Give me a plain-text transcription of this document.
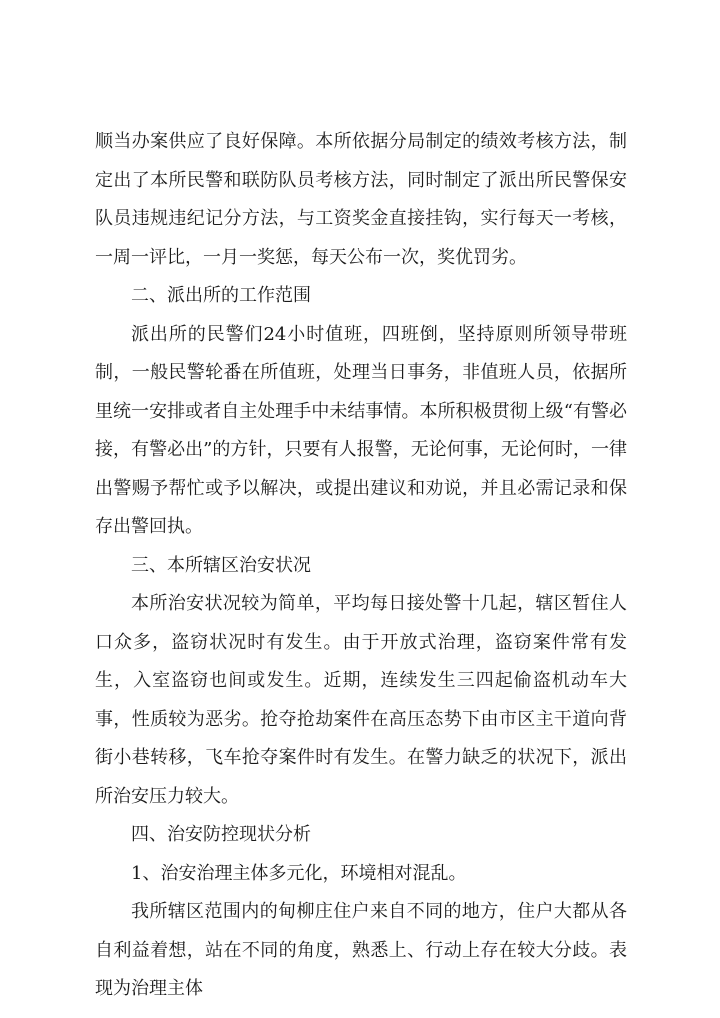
顺当办案供应了良好保障。本所依据分局制定的绩效考核方法，制定出了本所民警和联防队员考核方法，同时制定了派出所民警保安队员违规违纪记分方法，与工资奖金直接挂钩，实行每天一考核，一周一评比，一月一奖惩，每天公布一次，奖优罚劣。

二、派出所的工作范围

派出所的民警们24小时值班，四班倒，坚持原则所领导带班制，一般民警轮番在所值班，处理当日事务，非值班人员，依据所里统一安排或者自主处理手中未结事情。本所积极贯彻上级“有警必接，有警必出”的方针，只要有人报警，无论何事，无论何时，一律出警赐予帮忙或予以解决，或提出建议和劝说，并且必需记录和保存出警回执。

三、本所辖区治安状况

本所治安状况较为简单，平均每日接处警十几起，辖区暂住人口众多，盗窃状况时有发生。由于开放式治理，盗窃案件常有发生，入室盗窃也间或发生。近期，连续发生三四起偷盗机动车大事，性质较为恶劣。抢夺抢劫案件在高压态势下由市区主干道向背街小巷转移，飞车抢夺案件时有发生。在警力缺乏的状况下，派出所治安压力较大。

四、治安防控现状分析

1、治安治理主体多元化，环境相对混乱。

我所辖区范围内的甸柳庄住户来自不同的地方，住户大都从各自利益着想，站在不同的角度，熟悉上、行动上存在较大分歧。表现为治理主体
